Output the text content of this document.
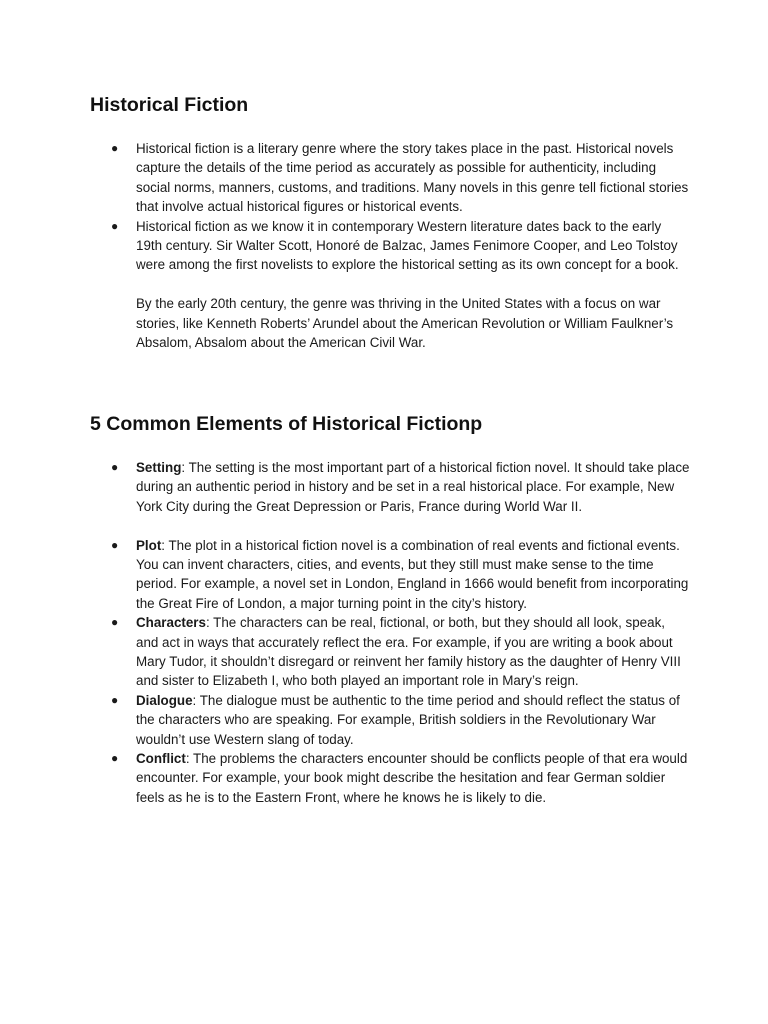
Historical Fiction
● Historical fiction is a literary genre where the story takes place in the past. Historical novels capture the details of the time period as accurately as possible for authenticity, including social norms, manners, customs, and traditions. Many novels in this genre tell fictional stories that involve actual historical figures or historical events.

● Historical fiction as we know it in contemporary Western literature dates back to the early 19th century. Sir Walter Scott, Honoré de Balzac, James Fenimore Cooper, and Leo Tolstoy were among the first novelists to explore the historical setting as its own concept for a book.

By the early 20th century, the genre was thriving in the United States with a focus on war stories, like Kenneth Roberts’ Arundel about the American Revolution or William Faulkner’s Absalom, Absalom about the American Civil War.

5 Common Elements of Historical Fictionp
● Setting: The setting is the most important part of a historical fiction novel. It should take place during an authentic period in history and be set in a real historical place. For example, New York City during the Great Depression or Paris, France during World War II.

● Plot: The plot in a historical fiction novel is a combination of real events and fictional events. You can invent characters, cities, and events, but they still must make sense to the time period. For example, a novel set in London, England in 1666 would benefit from incorporating the Great Fire of London, a major turning point in the city’s history.

● Characters: The characters can be real, fictional, or both, but they should all look, speak, and act in ways that accurately reflect the era. For example, if you are writing a book about Mary Tudor, it shouldn’t disregard or reinvent her family history as the daughter of Henry VIII and sister to Elizabeth I, who both played an important role in Mary’s reign.

● Dialogue: The dialogue must be authentic to the time period and should reflect the status of the characters who are speaking. For example, British soldiers in the Revolutionary War wouldn’t use Western slang of today.

● Conflict: The problems the characters encounter should be conflicts people of that era would encounter. For example, your book might describe the hesitation and fear German soldier feels as he is to the Eastern Front, where he knows he is likely to die.
